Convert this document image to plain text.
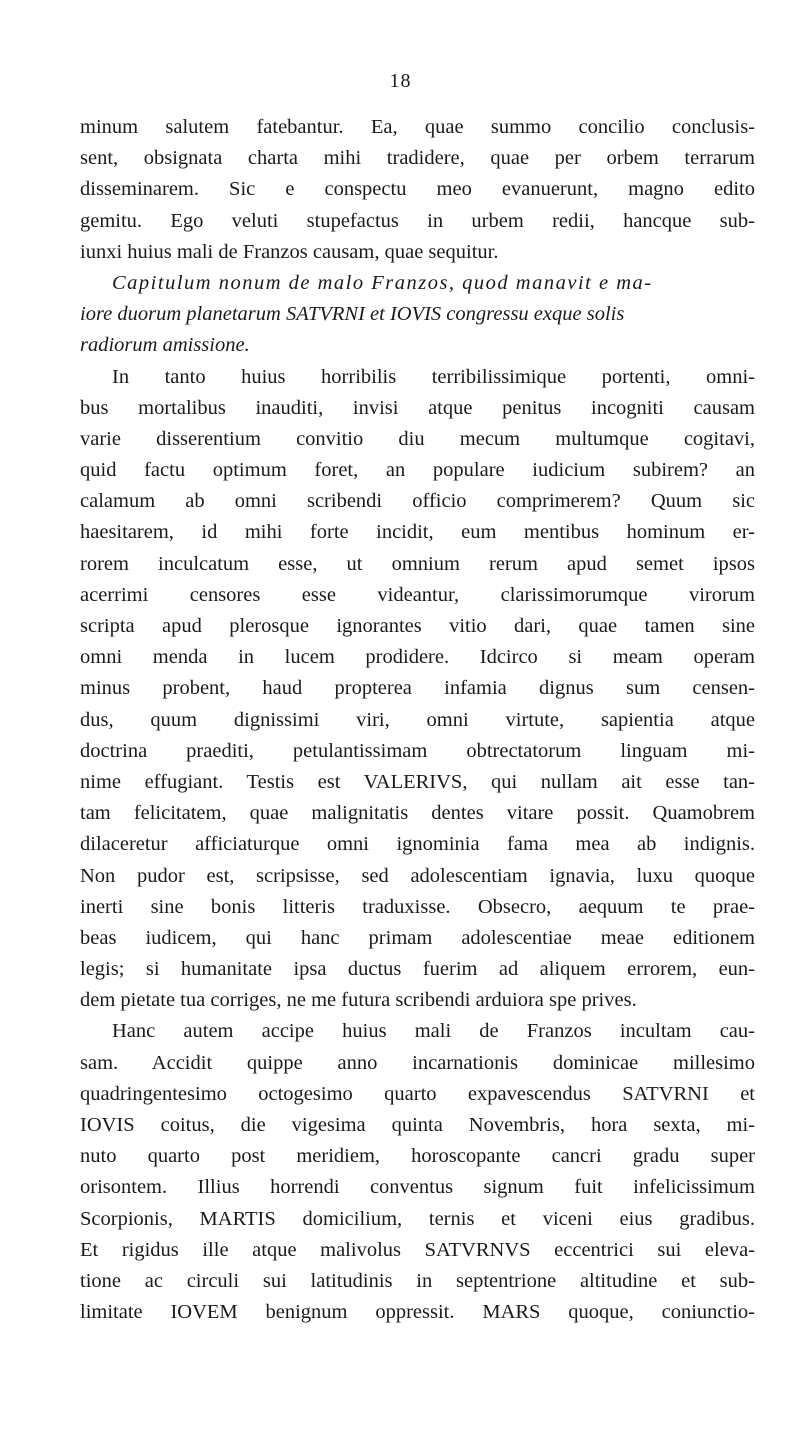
18
minum salutem fatebantur. Ea, quae summo concilio conclusis-
sent, obsignata charta mihi tradidere, quae per orbem terrarum
disseminarem. Sic e conspectu meo evanuerunt, magno edito
gemitu. Ego veluti stupefactus in urbem redii, hancque sub-
iunxi huius mali de Franzos causam, quae sequitur.
Capitulum nonum de malo Franzos, quod manavit e ma-
iore duorum planetarum SATVRNI et IOVIS congressu exque solis
radiorum amissione.
In tanto huius horribilis terribilissimique portenti, omni-
bus mortalibus inauditi, invisi atque penitus incogniti causam
varie disserentium convitio diu mecum multumque cogitavi,
quid factu optimum foret, an populare iudicium subirem? an
calamum ab omni scribendi officio comprimerem? Quum sic
haesitarem, id mihi forte incidit, eum mentibus hominum er-
rorem inculcatum esse, ut omnium rerum apud semet ipsos
acerrimi censores esse videantur, clarissimorumque virorum
scripta apud plerosque ignorantes vitio dari, quae tamen sine
omni menda in lucem prodidere. Idcirco si meam operam
minus probent, haud propterea infamia dignus sum censen-
dus, quum dignissimi viri, omni virtute, sapientia atque
doctrina praediti, petulantissimam obtrectatorum linguam mi-
nime effugiant. Testis est VALERIVS, qui nullam ait esse tan-
tam felicitatem, quae malignitatis dentes vitare possit. Quamobrem
dilaceretur afficiaturque omni ignominia fama mea ab indignis.
Non pudor est, scripsisse, sed adolescentiam ignavia, luxu quoque
inerti sine bonis litteris traduxisse. Obsecro, aequum te prae-
beas iudicem, qui hanc primam adolescentiae meae editionem
legis; si humanitate ipsa ductus fuerim ad aliquem errorem, eun-
dem pietate tua corriges, ne me futura scribendi arduiora spe prives.
Hanc autem accipe huius mali de Franzos incultam cau-
sam. Accidit quippe anno incarnationis dominicae millesimo
quadringentesimo octogesimo quarto expavescendus SATVRNI et
IOVIS coitus, die vigesima quinta Novembris, hora sexta, mi-
nuto quarto post meridiem, horoscopante cancri gradu super
orisontem. Illius horrendi conventus signum fuit infelicissimum
Scorpionis, MARTIS domicilium, ternis et viceni eius gradibus.
Et rigidus ille atque malivolus SATVRNVS eccentrici sui eleva-
tione ac circuli sui latitudinis in septentrione altitudine et sub-
limitate IOVEM benignum oppressit. MARS quoque, coniunctio-
